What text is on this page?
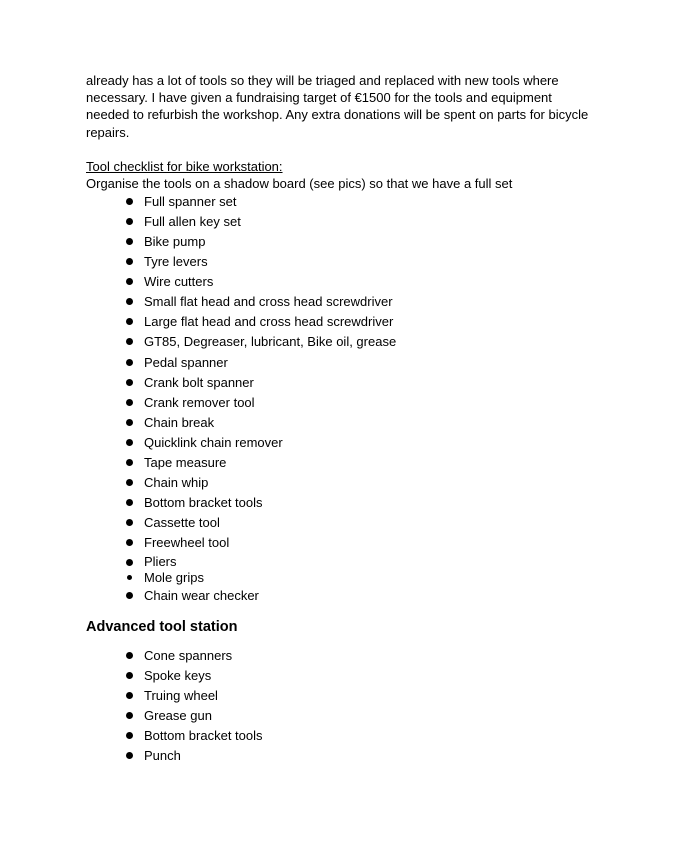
already has a lot of tools so they will be triaged and replaced with new tools where
necessary. I have given a fundraising target of €1500 for the tools and equipment
needed to refurbish the workshop. Any extra donations will be spent on parts for bicycle
repairs.

Tool checklist for bike workstation:

Organise the tools on a shadow board (see pics) so that we have a full set

Full spanner set
Full allen key set
Bike pump
Tyre levers
Wire cutters
Small flat head and cross head screwdriver
Large flat head and cross head screwdriver
GT85, Degreaser, lubricant, Bike oil, grease
Pedal spanner
Crank bolt spanner
Crank remover tool
Chain break
Quicklink chain remover
Tape measure
Chain whip
Bottom bracket tools
Cassette tool
Freewheel tool
Pliers
Mole grips
Chain wear checker

Advanced tool station

Cone spanners
Spoke keys
Truing wheel
Grease gun
Bottom bracket tools
Punch
